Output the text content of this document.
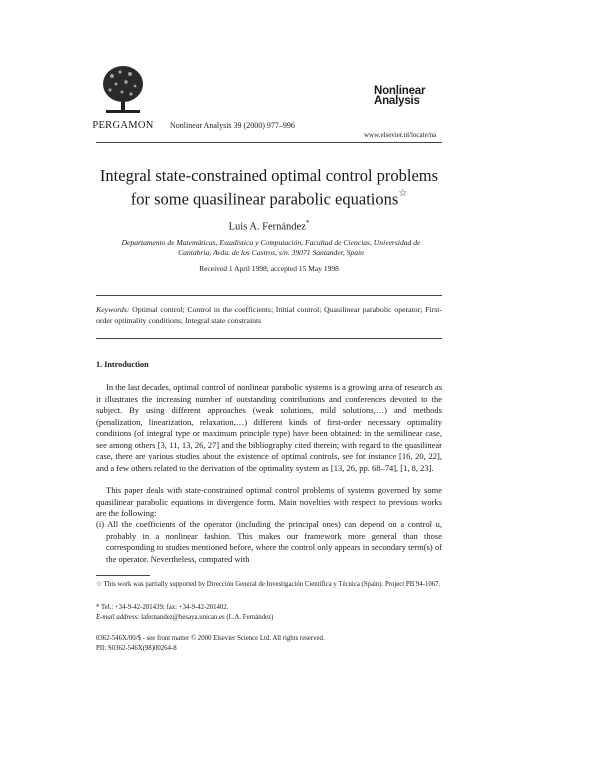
PERGAMON Nonlinear Analysis 39 (2000) 977–996
Nonlinear
Analysis
www.elsevier.nl/locate/na
Integral state-constrained optimal control problems
for some quasilinear parabolic equations☆
Luis A. Fernández*
Departamento de Matemáticas, Estadística y Computación, Facultad de Ciencias, Universidad de Cantabria, Avda. de los Castros, s/n. 39071 Santander, Spain
Received 1 April 1998; accepted 15 May 1998
Keywords: Optimal control; Control in the coefficients; Initial control; Quasilinear parabolic operator; First-order optimality conditions; Integral state constraints
1. Introduction
In the last decades, optimal control of nonlinear parabolic systems is a growing area of research as it illustrates the increasing number of outstanding contributions and conferences devoted to the subject. By using different approaches (weak solutions, mild solutions,…) and methods (penalization, linearization, relaxation,…) different kinds of first-order necessary optimality conditions (of integral type or maximum principle type) have been obtained: in the semilinear case, see among others [3, 11, 13, 26, 27] and the bibliography cited therein; with regard to the quasilinear case, there are various studies about the existence of optimal controls, see for instance [16, 20, 22], and a few others related to the derivation of the optimality system as [13, 26, pp. 68–74], [1, 8, 23].
This paper deals with state-constrained optimal control problems of systems governed by some quasilinear parabolic equations in divergence form. Main novelties with respect to previous works are the following:
(i) All the coefficients of the operator (including the principal ones) can depend on a control u, probably in a nonlinear fashion. This makes our framework more general than those corresponding to studies mentioned before, where the control only appears in secondary term(s) of the operator. Nevertheless, compared with
☆ This work was partially supported by Dirección General de Investigación Científica y Técnica (Spain). Project PB 94-1067.
* Tel.: +34-9-42-201439; fax: +34-9-42-201402.
E-mail address: lafernandez@besaya.unican.es (L.A. Fernández)
0362-546X/00/$ - see front matter © 2000 Elsevier Science Ltd. All rights reserved.
PII: S0362-546X(98)00264-8
